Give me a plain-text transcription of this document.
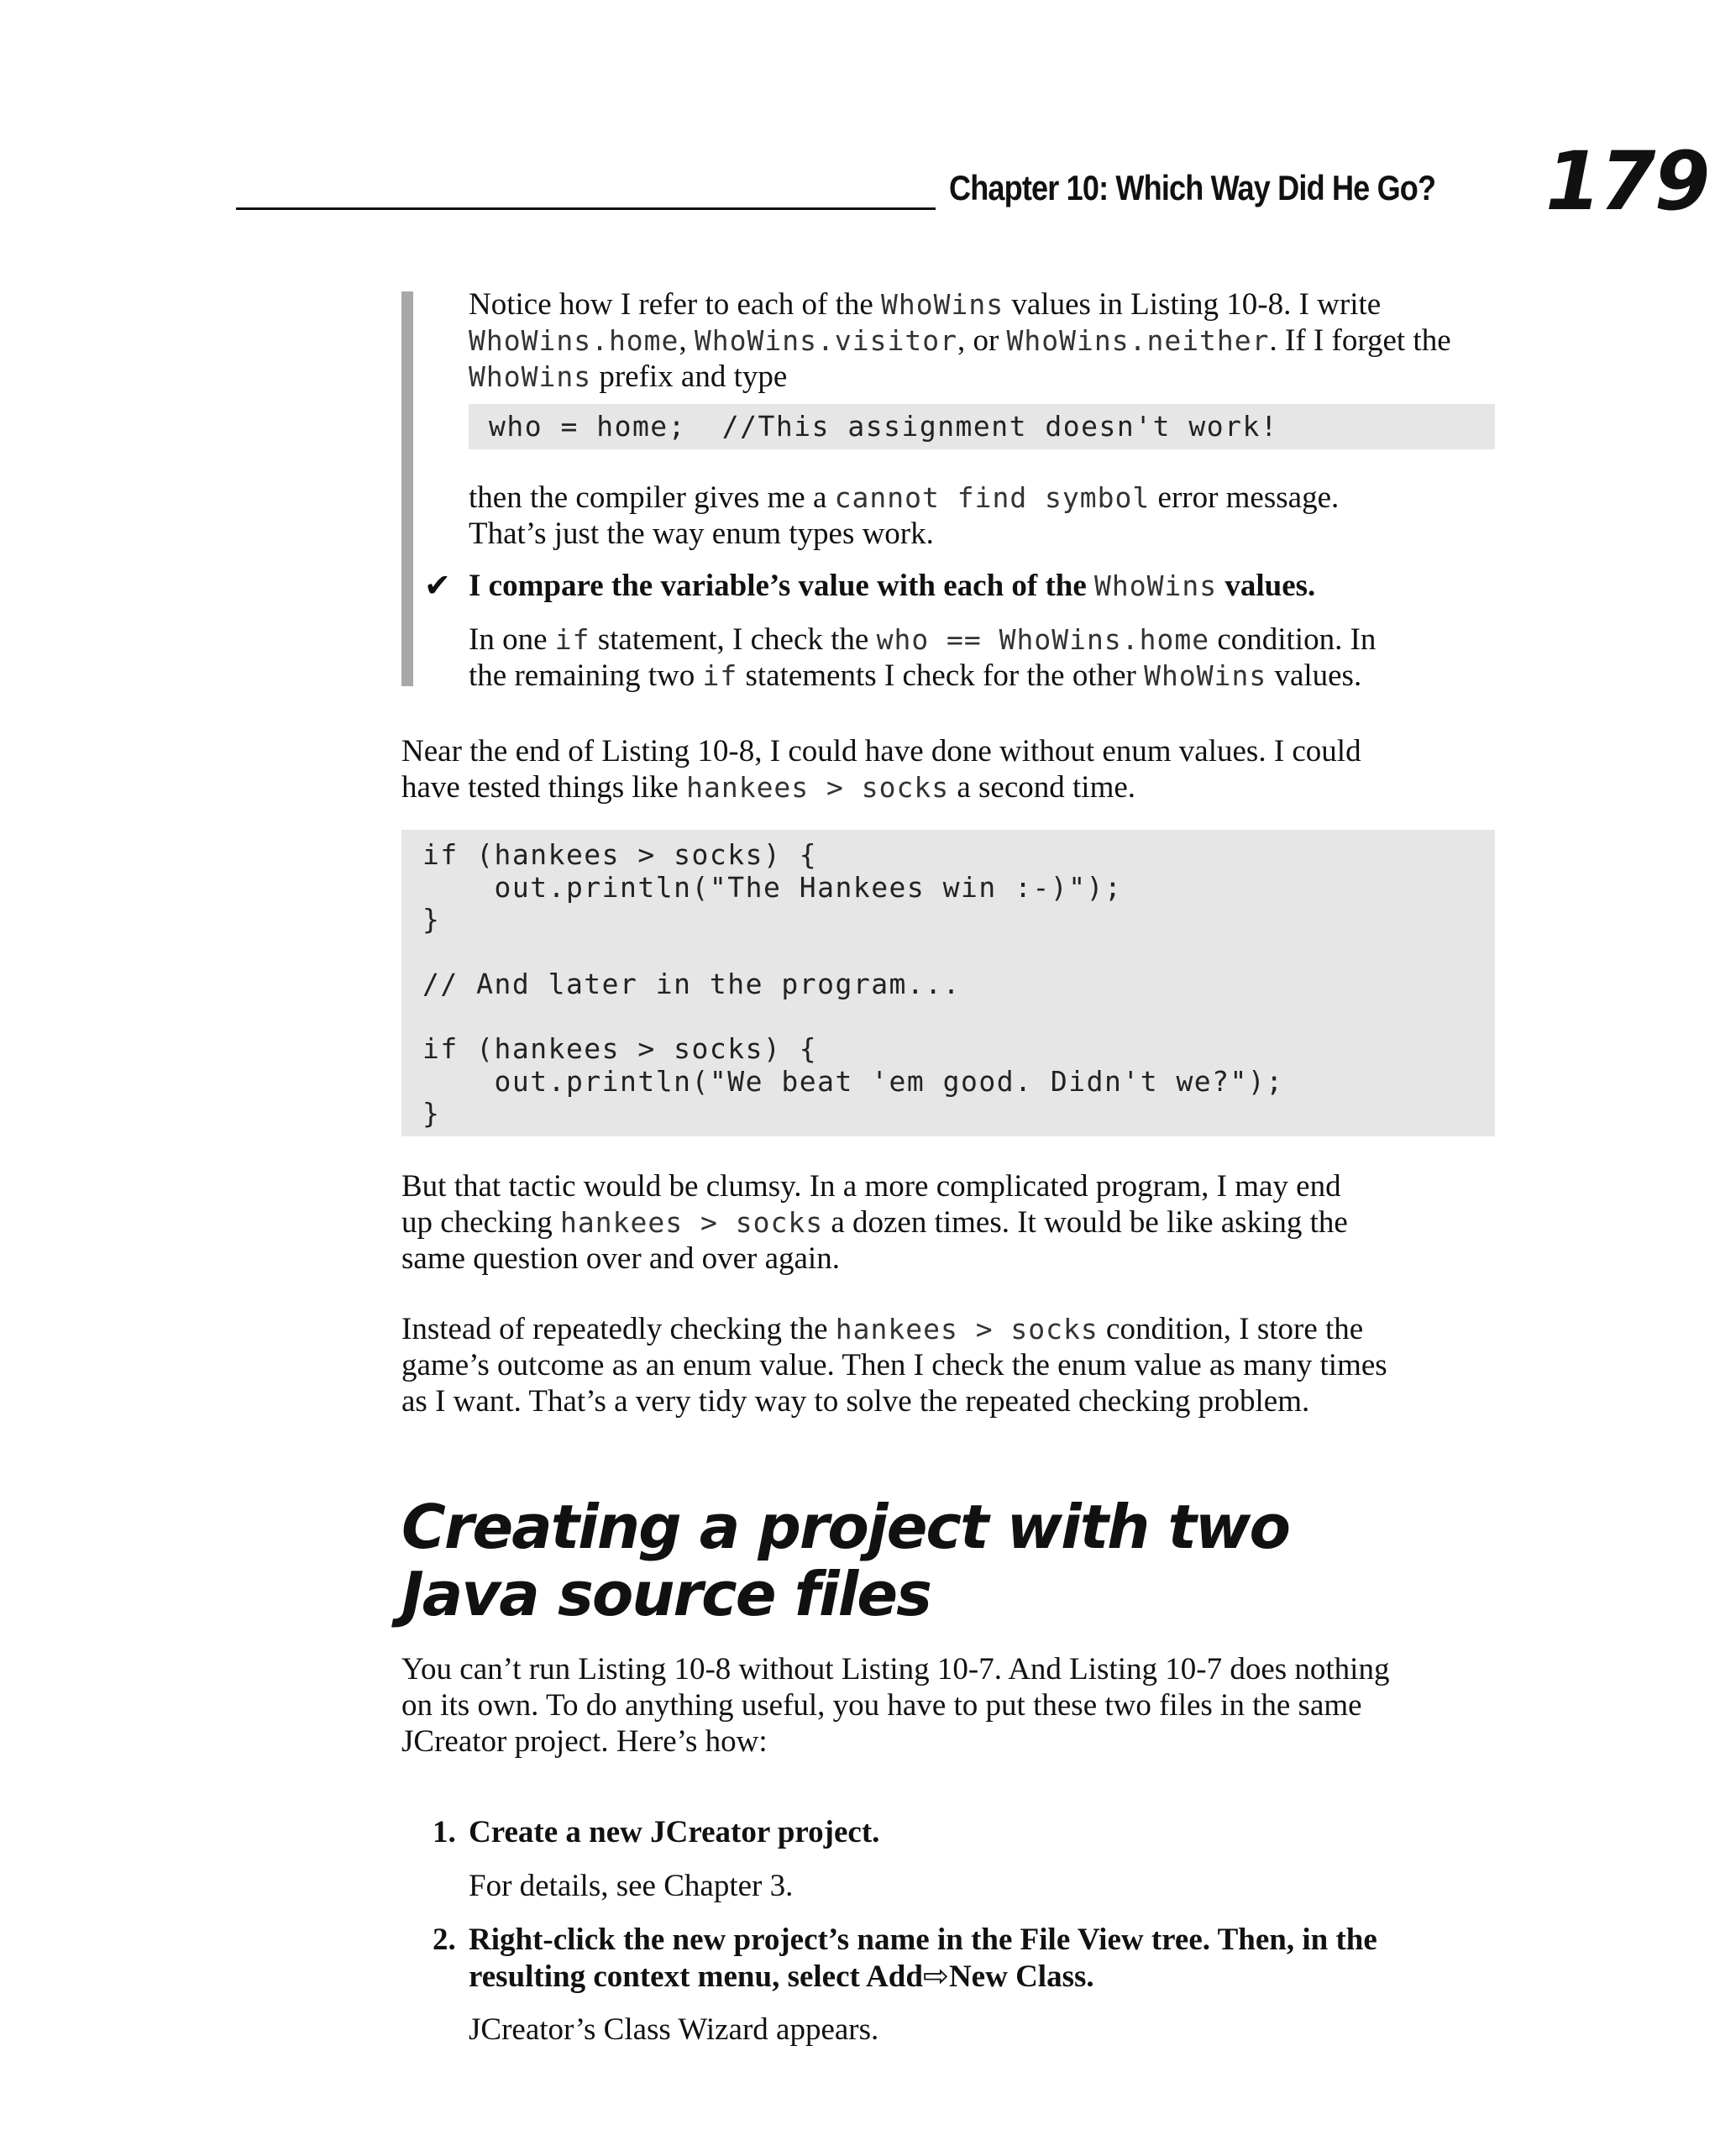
Chapter 10: Which Way Did He Go? 179

Notice how I refer to each of the WhoWins values in Listing 10-8. I write
WhoWins.home, WhoWins.visitor, or WhoWins.neither. If I forget the
WhoWins prefix and type

who = home;  //This assignment doesn't work!

then the compiler gives me a cannot find symbol error message.
That’s just the way enum types work.

✔ I compare the variable’s value with each of the WhoWins values.

In one if statement, I check the who == WhoWins.home condition. In
the remaining two if statements I check for the other WhoWins values.

Near the end of Listing 10-8, I could have done without enum values. I could
have tested things like hankees > socks a second time.

if (hankees > socks) {
out.println("The Hankees win :-)");
}

// And later in the program...

if (hankees > socks) {
out.println("We beat 'em good. Didn't we?");
}

But that tactic would be clumsy. In a more complicated program, I may end
up checking hankees > socks a dozen times. It would be like asking the
same question over and over again.

Instead of repeatedly checking the hankees > socks condition, I store the
game’s outcome as an enum value. Then I check the enum value as many times
as I want. That’s a very tidy way to solve the repeated checking problem.

Creating a project with two
Java source files

You can’t run Listing 10-8 without Listing 10-7. And Listing 10-7 does nothing
on its own. To do anything useful, you have to put these two files in the same
JCreator project. Here’s how:

1. Create a new JCreator project.

For details, see Chapter 3.

2. Right-click the new project’s name in the File View tree. Then, in the
resulting context menu, select Add⇨New Class.

JCreator’s Class Wizard appears.
